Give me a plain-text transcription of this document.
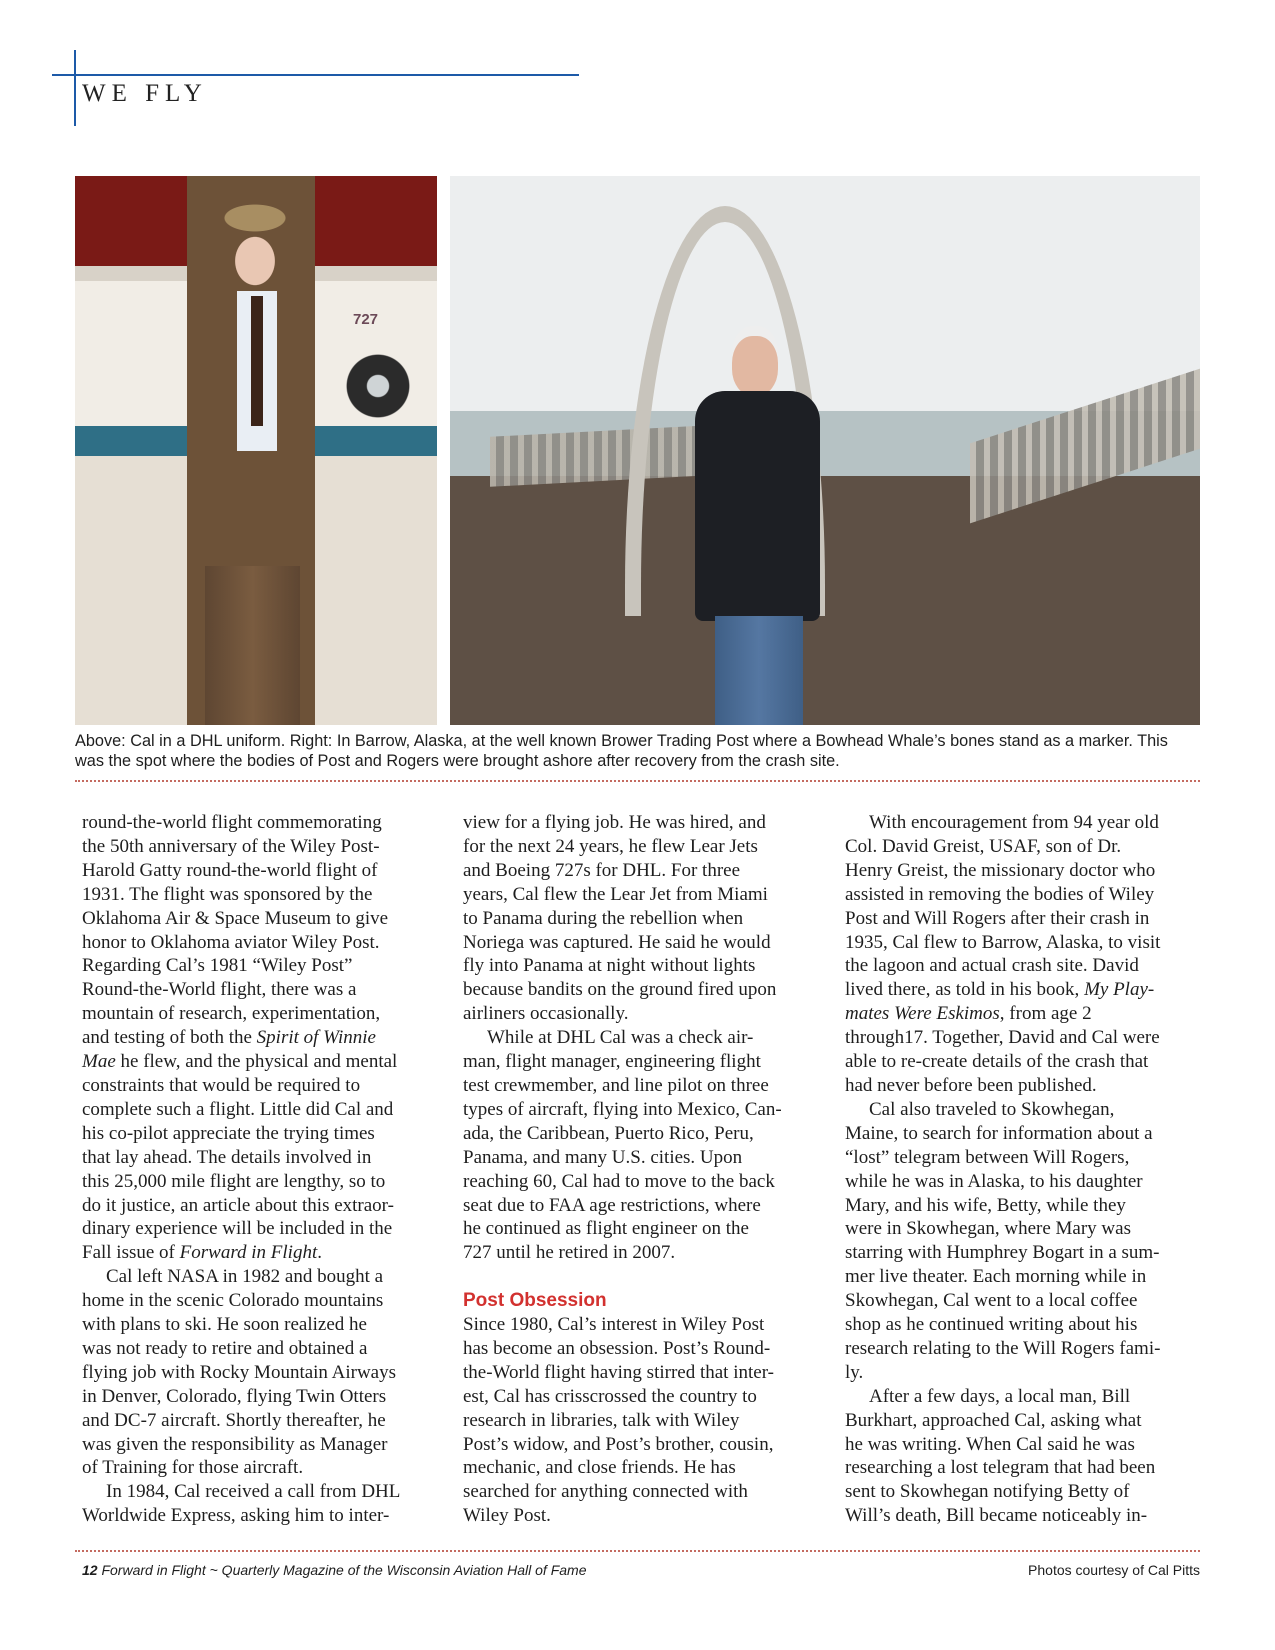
WE FLY
727
Above: Cal in a DHL uniform. Right: In Barrow, Alaska, at the well known Brower Trading Post where a Bowhead Whale’s bones stand as a marker. This was the spot where the bodies of Post and Rogers were brought ashore after recovery from the crash site.

round-the-world flight commemorating

the 50th anniversary of the Wiley Post-

Harold Gatty round-the-world flight of

1931. The flight was sponsored by the

Oklahoma Air & Space Museum to give

honor to Oklahoma aviator Wiley Post.

Regarding Cal’s 1981 “Wiley Post”

Round-the-World flight, there was a

mountain of research, experimentation,

and testing of both the Spirit of Winnie

Mae he flew, and the physical and mental

constraints that would be required to

complete such a flight. Little did Cal and

his co-pilot appreciate the trying times

that lay ahead. The details involved in

this 25,000 mile flight are lengthy, so to

do it justice, an article about this extraor-

dinary experience will be included in the

Fall issue of Forward in Flight.

Cal left NASA in 1982 and bought a

home in the scenic Colorado mountains

with plans to ski. He soon realized he

was not ready to retire and obtained a

flying job with Rocky Mountain Airways

in Denver, Colorado, flying Twin Otters

and DC-7 aircraft. Shortly thereafter, he

was given the responsibility as Manager

of Training for those aircraft.

In 1984, Cal received a call from DHL

Worldwide Express, asking him to inter-

view for a flying job. He was hired, and

for the next 24 years, he flew Lear Jets

and Boeing 727s for DHL. For three

years, Cal flew the Lear Jet from Miami

to Panama during the rebellion when

Noriega was captured. He said he would

fly into Panama at night without lights

because bandits on the ground fired upon

airliners occasionally.

While at DHL Cal was a check air-

man, flight manager, engineering flight

test crewmember, and line pilot on three

types of aircraft, flying into Mexico, Can-

ada, the Caribbean, Puerto Rico, Peru,

Panama, and many U.S. cities. Upon

reaching 60, Cal had to move to the back

seat due to FAA age restrictions, where

he continued as flight engineer on the

727 until he retired in 2007.

Post Obsession

Since 1980, Cal’s interest in Wiley Post

has become an obsession. Post’s Round-

the-World flight having stirred that inter-

est, Cal has crisscrossed the country to

research in libraries, talk with Wiley

Post’s widow, and Post’s brother, cousin,

mechanic, and close friends. He has

searched for anything connected with

Wiley Post.

With encouragement from 94 year old

Col. David Greist, USAF, son of Dr.

Henry Greist, the missionary doctor who

assisted in removing the bodies of Wiley

Post and Will Rogers after their crash in

1935, Cal flew to Barrow, Alaska, to visit

the lagoon and actual crash site. David

lived there, as told in his book, My Play-

mates Were Eskimos, from age 2

through17. Together, David and Cal were

able to re-create details of the crash that

had never before been published.

Cal also traveled to Skowhegan,

Maine, to search for information about a

“lost” telegram between Will Rogers,

while he was in Alaska, to his daughter

Mary, and his wife, Betty, while they

were in Skowhegan, where Mary was

starring with Humphrey Bogart in a sum-

mer live theater. Each morning while in

Skowhegan, Cal went to a local coffee

shop as he continued writing about his

research relating to the Will Rogers fami-

ly.

After a few days, a local man, Bill

Burkhart, approached Cal, asking what

he was writing. When Cal said he was

researching a lost telegram that had been

sent to Skowhegan notifying Betty of

Will’s death, Bill became noticeably in-

12 Forward in Flight ~ Quarterly Magazine of the Wisconsin Aviation Hall of Fame	Photos courtesy of Cal Pitts
